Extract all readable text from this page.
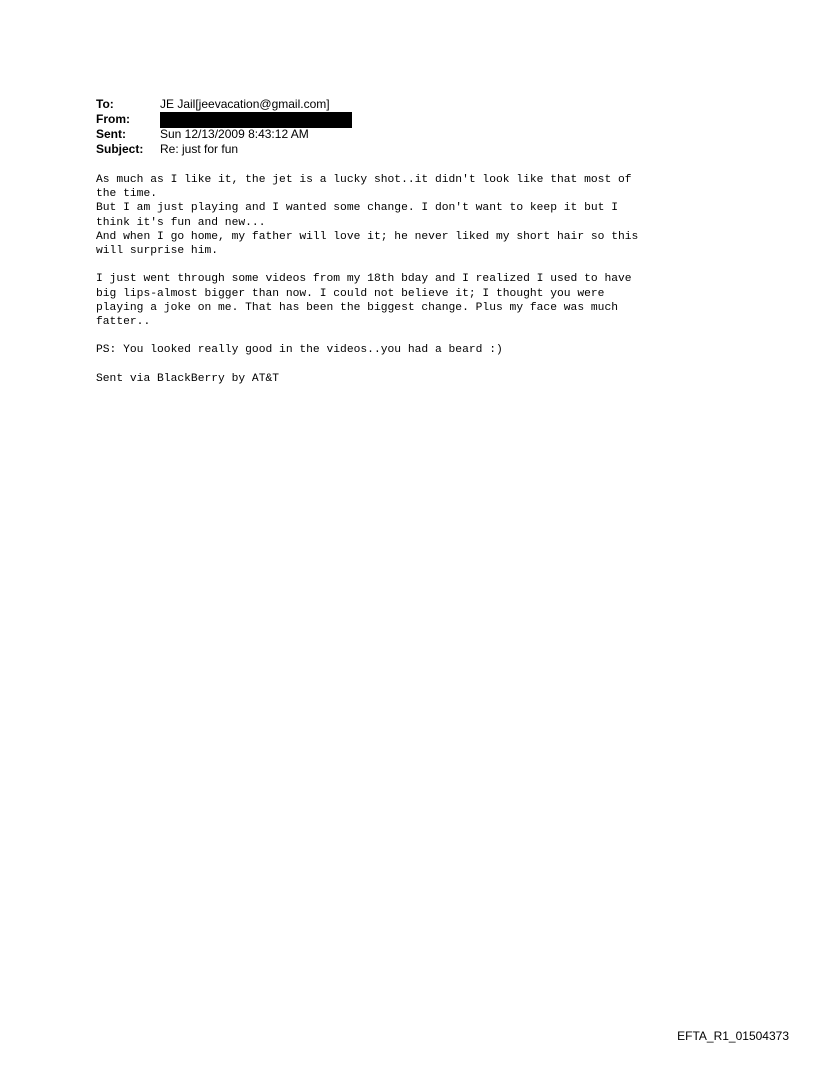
To:	JE Jail[jeevacation@gmail.com]
From:
Sent:	Sun 12/13/2009 8:43:12 AM
Subject:	Re: just for fun
As much as I like it, the jet is a lucky shot..it didn't look like that most of
the time.
But I am just playing and I wanted some change. I don't want to keep it but I
think it's fun and new...
And when I go home, my father will love it; he never liked my short hair so this
will surprise him.
I just went through some videos from my 18th bday and I realized I used to have
big lips-almost bigger than now. I could not believe it; I thought you were
playing a joke on me. That has been the biggest change. Plus my face was much
fatter..
PS: You looked really good in the videos..you had a beard :)
Sent via BlackBerry by AT&T
EFTA_R1_01504373
